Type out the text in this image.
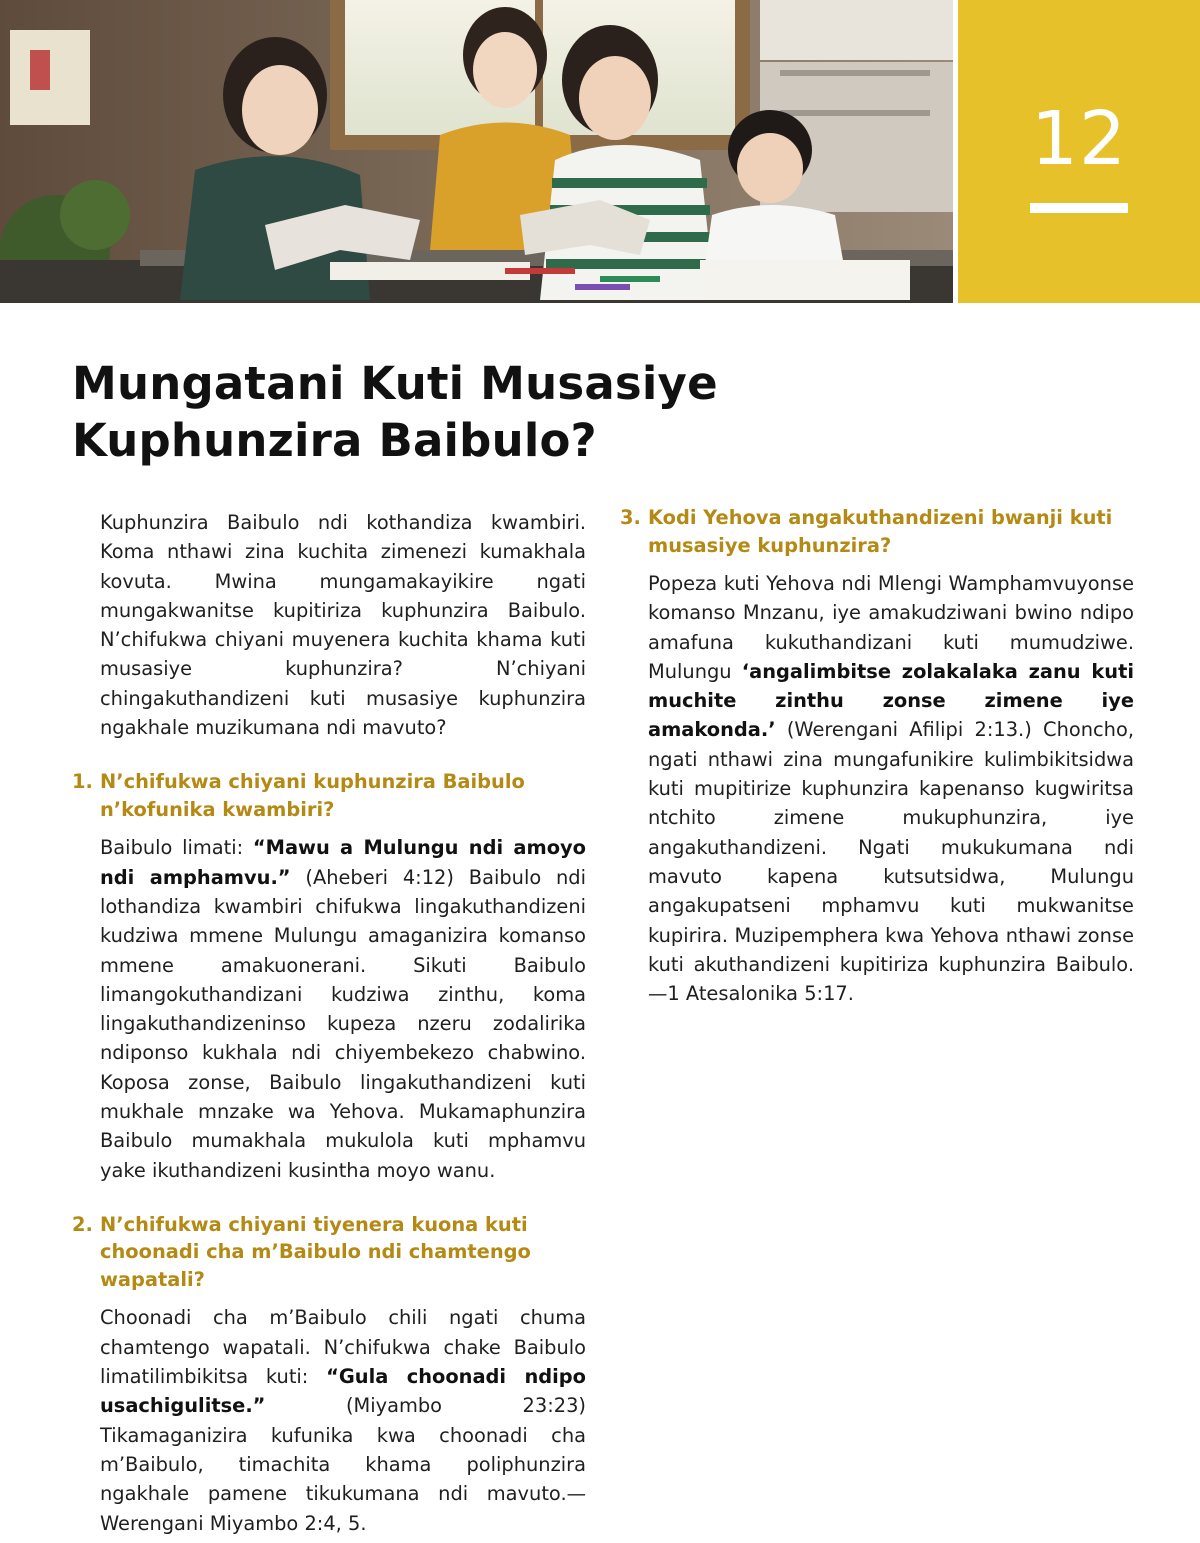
12
Mungatani Kuti Musasiye
Kuphunzira Baibulo?

Kuphunzira Baibulo ndi kothandiza kwambiri. Koma nthawi zina kuchita zimenezi kumakhala kovuta. Mwina mungamakayikire ngati mungakwanitse kupitiriza kuphunzira Baibulo. N’chifukwa chiyani muyenera kuchita khama kuti musasiye kuphunzira? N’chiyani chingakuthandizeni kuti musasiye kuphunzira ngakhale muzikumana ndi mavuto?

1. N’chifukwa chiyani kuphunzira Baibulo n’kofunika kwambiri?

Baibulo limati: “Mawu a Mulungu ndi amoyo ndi amphamvu.” (Aheberi 4:12) Baibulo ndi lothandiza kwambiri chifukwa lingakuthandizeni kudziwa mmene Mulungu amaganizira komanso mmene amakuonerani. Sikuti Baibulo limangokuthandizani kudziwa zinthu, koma lingakuthandizeninso kupeza nzeru zodalirika ndiponso kukhala ndi chiyembekezo chabwino. Koposa zonse, Baibulo lingakuthandizeni kuti mukhale mnzake wa Yehova. Mukamaphunzira Baibulo mumakhala mukulola kuti mphamvu yake ikuthandizeni kusintha moyo wanu.

2. N’chifukwa chiyani tiyenera kuona kuti choonadi cha m’Baibulo ndi chamtengo wapatali?

Choonadi cha m’Baibulo chili ngati chuma chamtengo wapatali. N’chifukwa chake Baibulo limatilimbikitsa kuti: “Gula choonadi ndipo usachigulitse.” (Miyambo 23:23) Tikamaganizira kufunika kwa choonadi cha m’Baibulo, timachita khama poliphunzira ngakhale pamene tikukumana ndi mavuto.—Werengani Miyambo 2:4, 5.

3. Kodi Yehova angakuthandizeni bwanji kuti musasiye kuphunzira?

Popeza kuti Yehova ndi Mlengi Wamphamvuyonse komanso Mnzanu, iye amakudziwani bwino ndipo amafuna kukuthandizani kuti mumudziwe. Mulungu ‘angalimbitse zolakalaka zanu kuti muchite zinthu zonse zimene iye amakonda.’ (Werengani Afilipi 2:13.) Choncho, ngati nthawi zina mungafunikire kulimbikitsidwa kuti mupitirize kuphunzira kapenanso kugwiritsa ntchito zimene mukuphunzira, iye angakuthandizeni. Ngati mukukumana ndi mavuto kapena kutsutsidwa, Mulungu angakupatseni mphamvu kuti mukwanitse kupirira. Muzipemphera kwa Yehova nthawi zonse kuti akuthandizeni kupitiriza kuphunzira Baibulo.—1 Atesalonika 5:17.
